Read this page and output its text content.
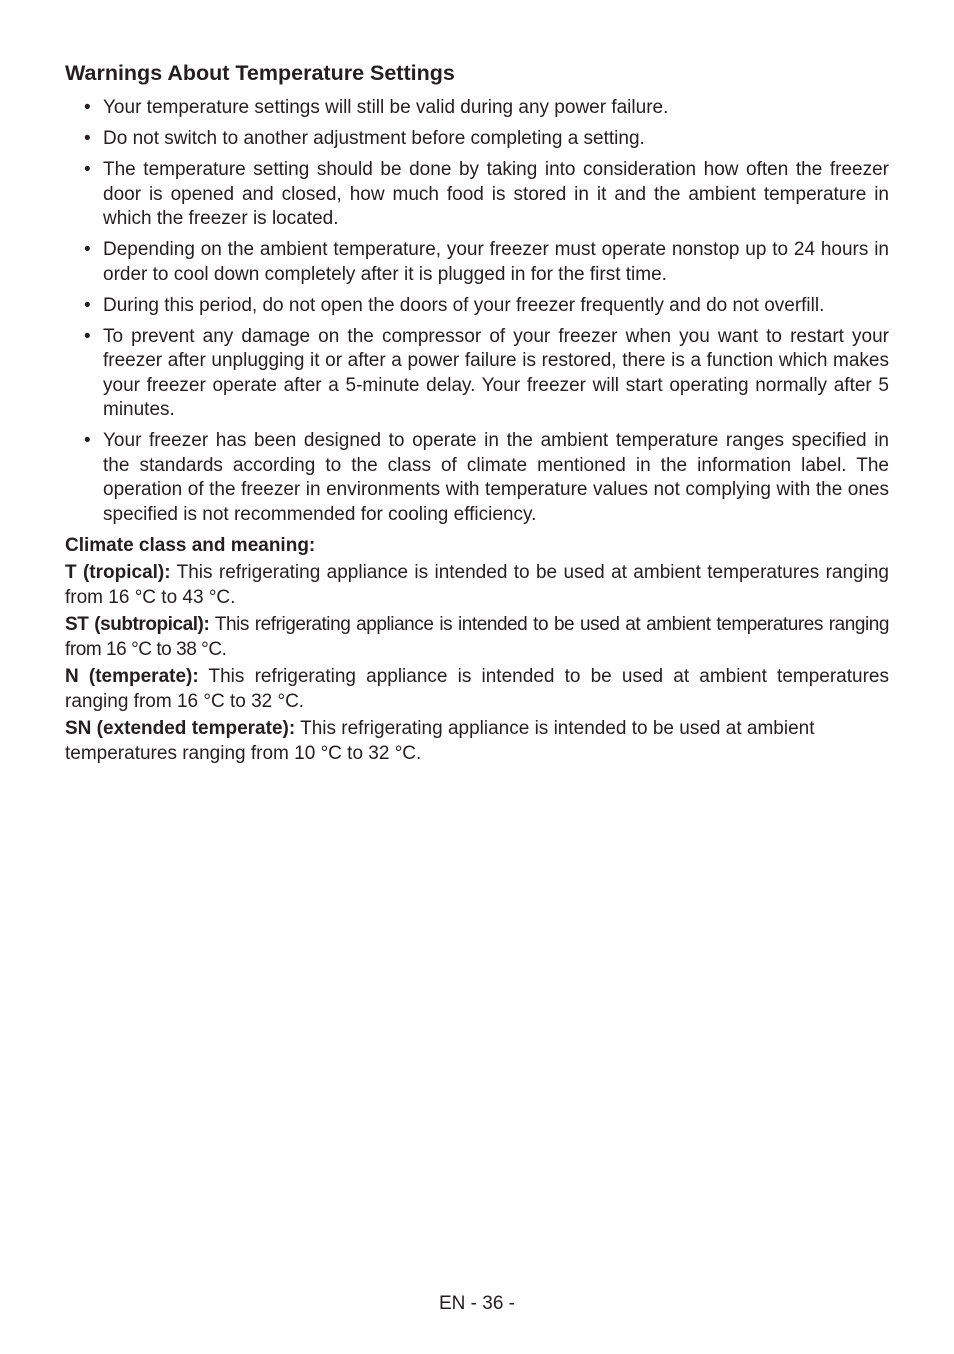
Warnings About Temperature Settings
• Your temperature settings will still be valid during any power failure.
• Do not switch to another adjustment before completing a setting.
• The temperature setting should be done by taking into consideration how often the freezer door is opened and closed, how much food is stored in it and the ambient temperature in which the freezer is located.
• Depending on the ambient temperature, your freezer must operate nonstop up to 24 hours in order to cool down completely after it is plugged in for the first time.
• During this period, do not open the doors of your freezer frequently and do not overfill.
• To prevent any damage on the compressor of your freezer when you want to restart your freezer after unplugging it or after a power failure is restored, there is a function which makes your freezer operate after a 5-minute delay. Your freezer will start operating normally after 5 minutes.
• Your freezer has been designed to operate in the ambient temperature ranges specified in the standards according to the class of climate mentioned in the information label. The operation of the freezer in environments with temperature values not complying with the ones specified is not recommended for cooling efficiency.
Climate class and meaning:

T (tropical): This refrigerating appliance is intended to be used at ambient temperatures ranging from 16 °C to 43 °C.

ST (subtropical): This refrigerating appliance is intended to be used at ambient temperatures ranging from 16 °C to 38 °C.

N (temperate): This refrigerating appliance is intended to be used at ambient temperatures ranging from 16 °C to 32 °C.

SN (extended temperate): This refrigerating appliance is intended to be used at ambient temperatures ranging from 10 °C to 32 °C.

EN - 36 -
